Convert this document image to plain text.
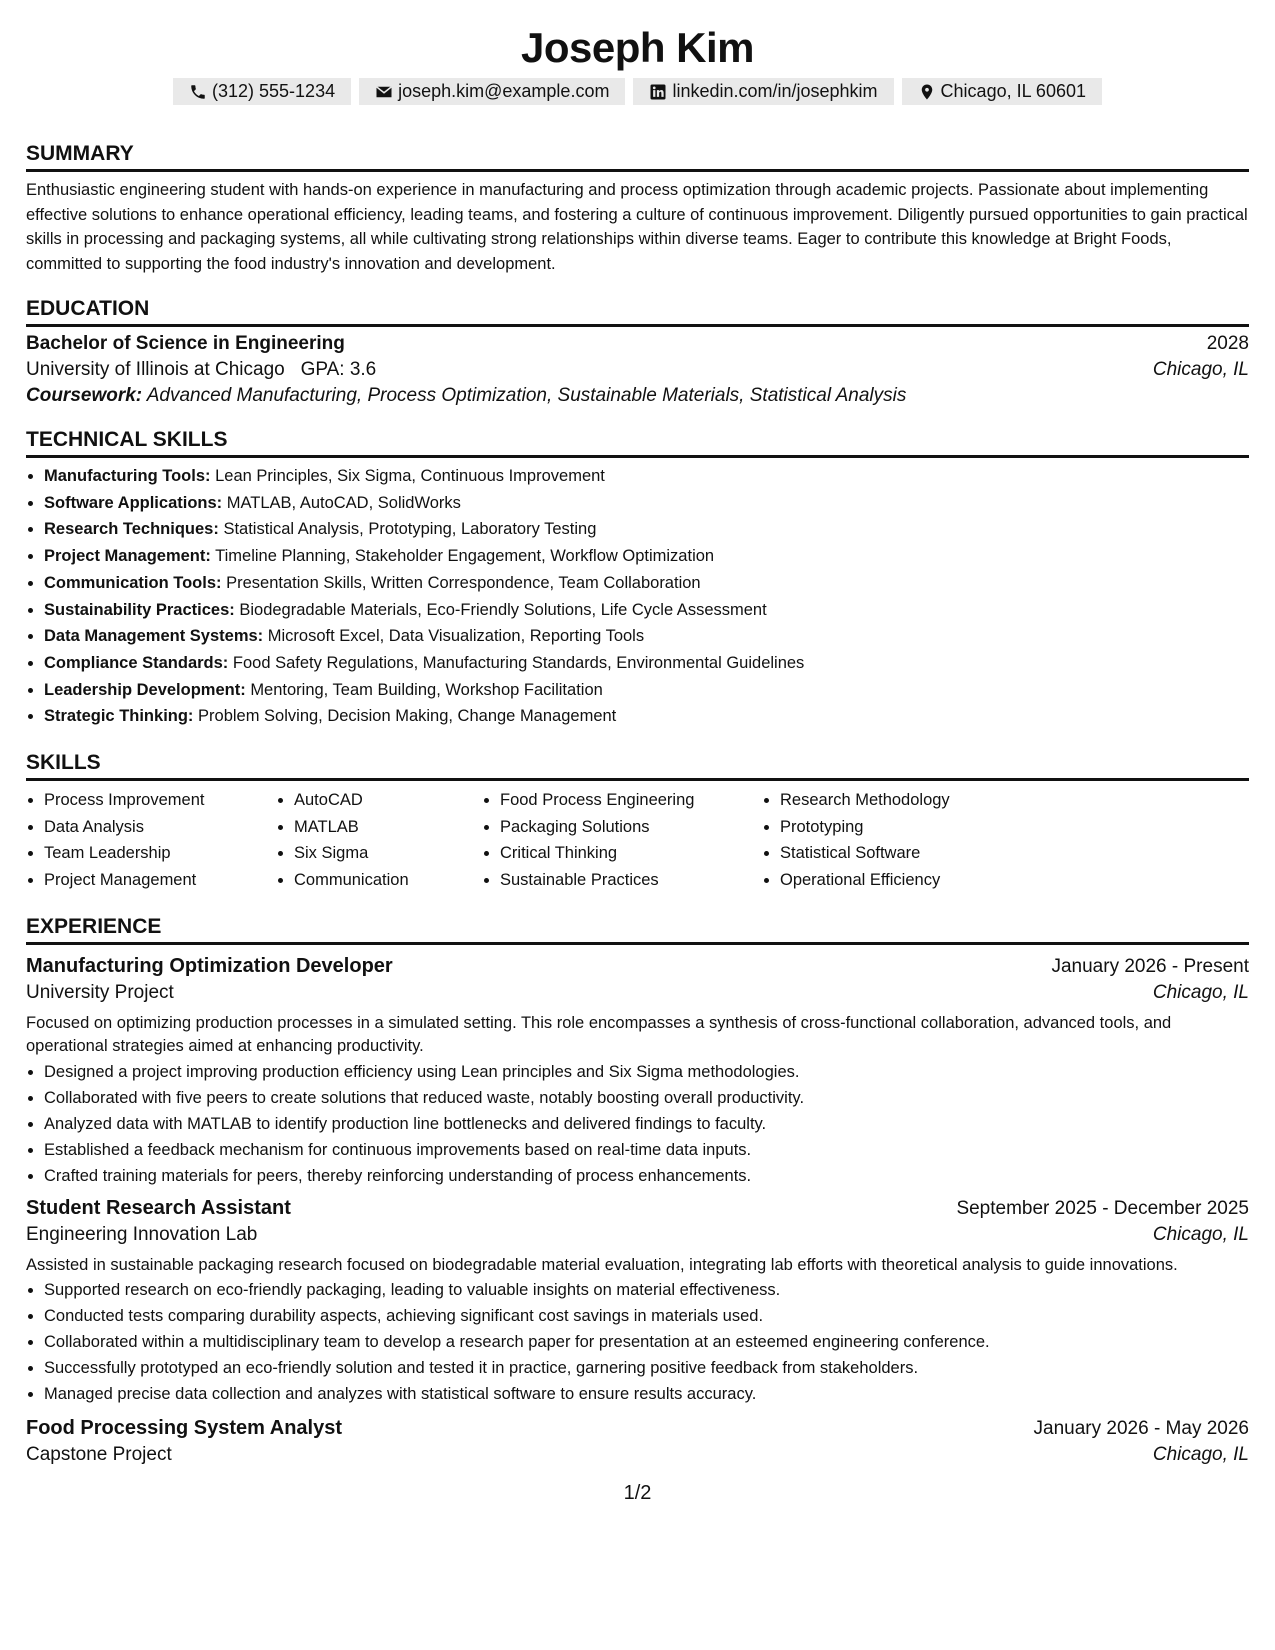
Joseph Kim
(312) 555-1234	joseph.kim@example.com	linkedin.com/in/josephkim	Chicago, IL 60601
SUMMARY

Enthusiastic engineering student with hands-on experience in manufacturing and process optimization through academic projects. Passionate about implementing effective solutions to enhance operational efficiency, leading teams, and fostering a culture of continuous improvement. Diligently pursued opportunities to gain practical skills in processing and packaging systems, all while cultivating strong relationships within diverse teams. Eager to contribute this knowledge at Bright Foods, committed to supporting the food industry's innovation and development.

EDUCATION
Bachelor of Science in Engineering	2028
University of Illinois at Chicago GPA: 3.6	Chicago, IL
Coursework: Advanced Manufacturing, Process Optimization, Sustainable Materials, Statistical Analysis
TECHNICAL SKILLS
• Manufacturing Tools: Lean Principles, Six Sigma, Continuous Improvement
• Software Applications: MATLAB, AutoCAD, SolidWorks
• Research Techniques: Statistical Analysis, Prototyping, Laboratory Testing
• Project Management: Timeline Planning, Stakeholder Engagement, Workflow Optimization
• Communication Tools: Presentation Skills, Written Correspondence, Team Collaboration
• Sustainability Practices: Biodegradable Materials, Eco-Friendly Solutions, Life Cycle Assessment
• Data Management Systems: Microsoft Excel, Data Visualization, Reporting Tools
• Compliance Standards: Food Safety Regulations, Manufacturing Standards, Environmental Guidelines
• Leadership Development: Mentoring, Team Building, Workshop Facilitation
• Strategic Thinking: Problem Solving, Decision Making, Change Management
SKILLS
• Process Improvement
• Data Analysis
• Team Leadership
• Project Management
• AutoCAD
• MATLAB
• Six Sigma
• Communication
• Food Process Engineering
• Packaging Solutions
• Critical Thinking
• Sustainable Practices
• Research Methodology
• Prototyping
• Statistical Software
• Operational Efficiency
EXPERIENCE
Manufacturing Optimization Developer	January 2026 - Present
University Project	Chicago, IL
Focused on optimizing production processes in a simulated setting. This role encompasses a synthesis of cross-functional collaboration, advanced tools, and operational strategies aimed at enhancing productivity.
• Designed a project improving production efficiency using Lean principles and Six Sigma methodologies.
• Collaborated with five peers to create solutions that reduced waste, notably boosting overall productivity.
• Analyzed data with MATLAB to identify production line bottlenecks and delivered findings to faculty.
• Established a feedback mechanism for continuous improvements based on real-time data inputs.
• Crafted training materials for peers, thereby reinforcing understanding of process enhancements.
Student Research Assistant	September 2025 - December 2025
Engineering Innovation Lab	Chicago, IL
Assisted in sustainable packaging research focused on biodegradable material evaluation, integrating lab efforts with theoretical analysis to guide innovations.
• Supported research on eco-friendly packaging, leading to valuable insights on material effectiveness.
• Conducted tests comparing durability aspects, achieving significant cost savings in materials used.
• Collaborated within a multidisciplinary team to develop a research paper for presentation at an esteemed engineering conference.
• Successfully prototyped an eco-friendly solution and tested it in practice, garnering positive feedback from stakeholders.
• Managed precise data collection and analyzes with statistical software to ensure results accuracy.
Food Processing System Analyst	January 2026 - May 2026
Capstone Project	Chicago, IL
1/2
